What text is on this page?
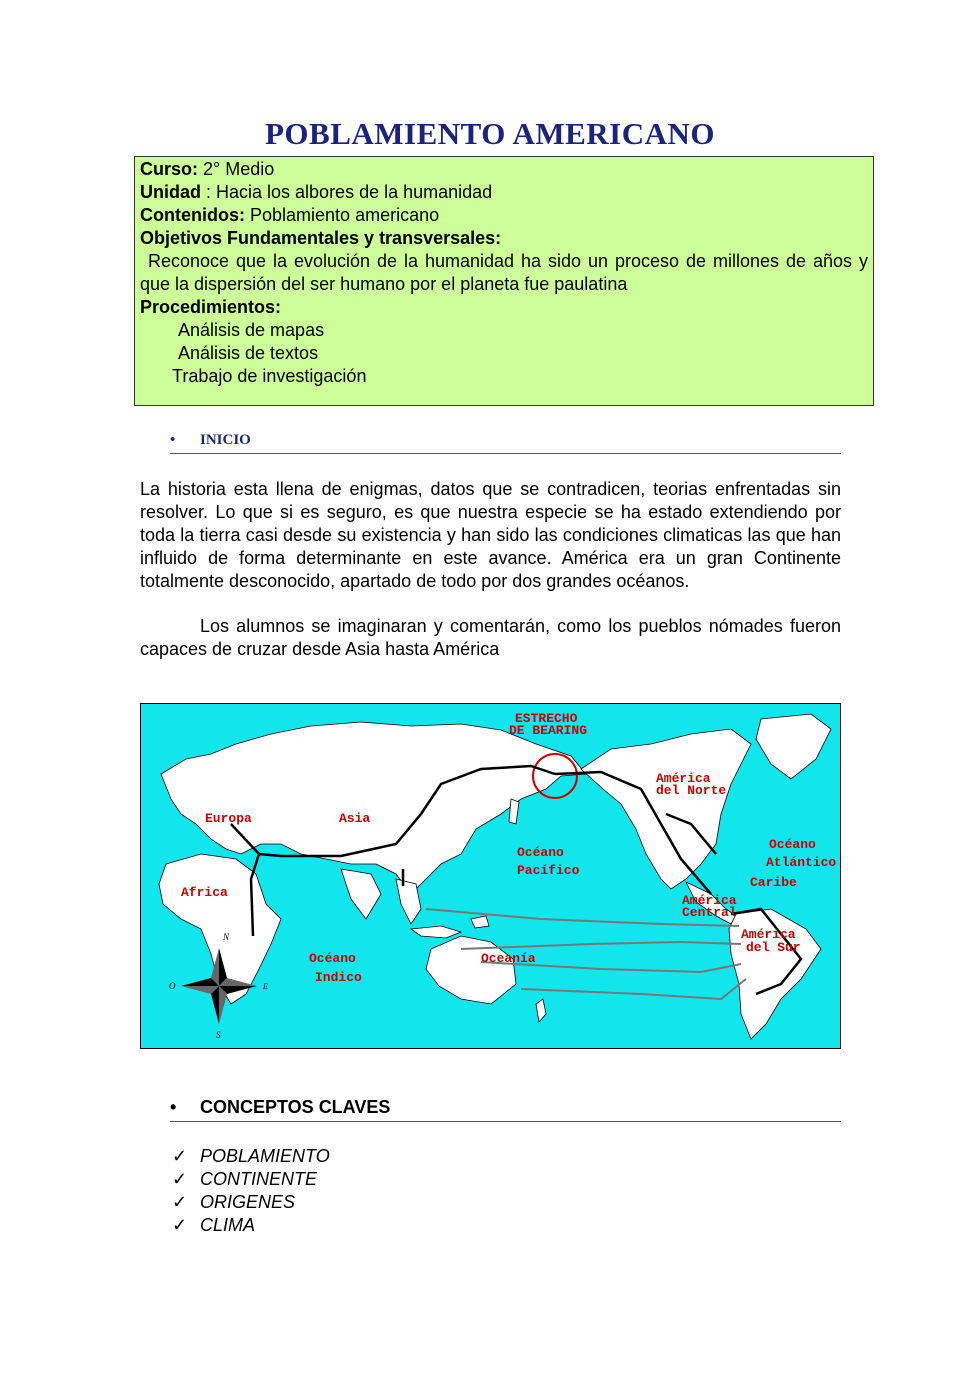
POBLAMIENTO AMERICANO
Curso: 2° Medio
Unidad : Hacia los albores de la humanidad
Contenidos: Poblamiento americano
Objetivos Fundamentales y transversales:
Reconoce que la evolución de la humanidad ha sido un proceso de millones de años y que la dispersión del ser humano por el planeta fue paulatina
Procedimientos:
Análisis de mapas
Análisis de textos
Trabajo de investigación
• INICIO
La historia esta llena de enigmas, datos que se contradicen, teorias enfrentadas sin resolver. Lo que si es seguro, es que nuestra especie se ha estado extendiendo por toda la tierra casi desde su existencia y han sido las condiciones climaticas las que han influido de forma determinante en este avance. América era un gran Continente totalmente desconocido, apartado de todo por dos grandes océanos.
Los alumnos se imaginaran y comentarán, como los pueblos nómades fueron capaces de cruzar desde Asia hasta América
N
S
E
O
ESTRECHO
DE BEARING
Europa	Asia
Africa
América
del Norte
Océano
Pacífico
Océano
Atlántico
Caribe
América
Central
América
del Sur
Océano
Indico
Oceanía
• CONCEPTOS CLAVES
✓ POBLAMIENTO
✓ CONTINENTE
✓ ORIGENES
✓ CLIMA
